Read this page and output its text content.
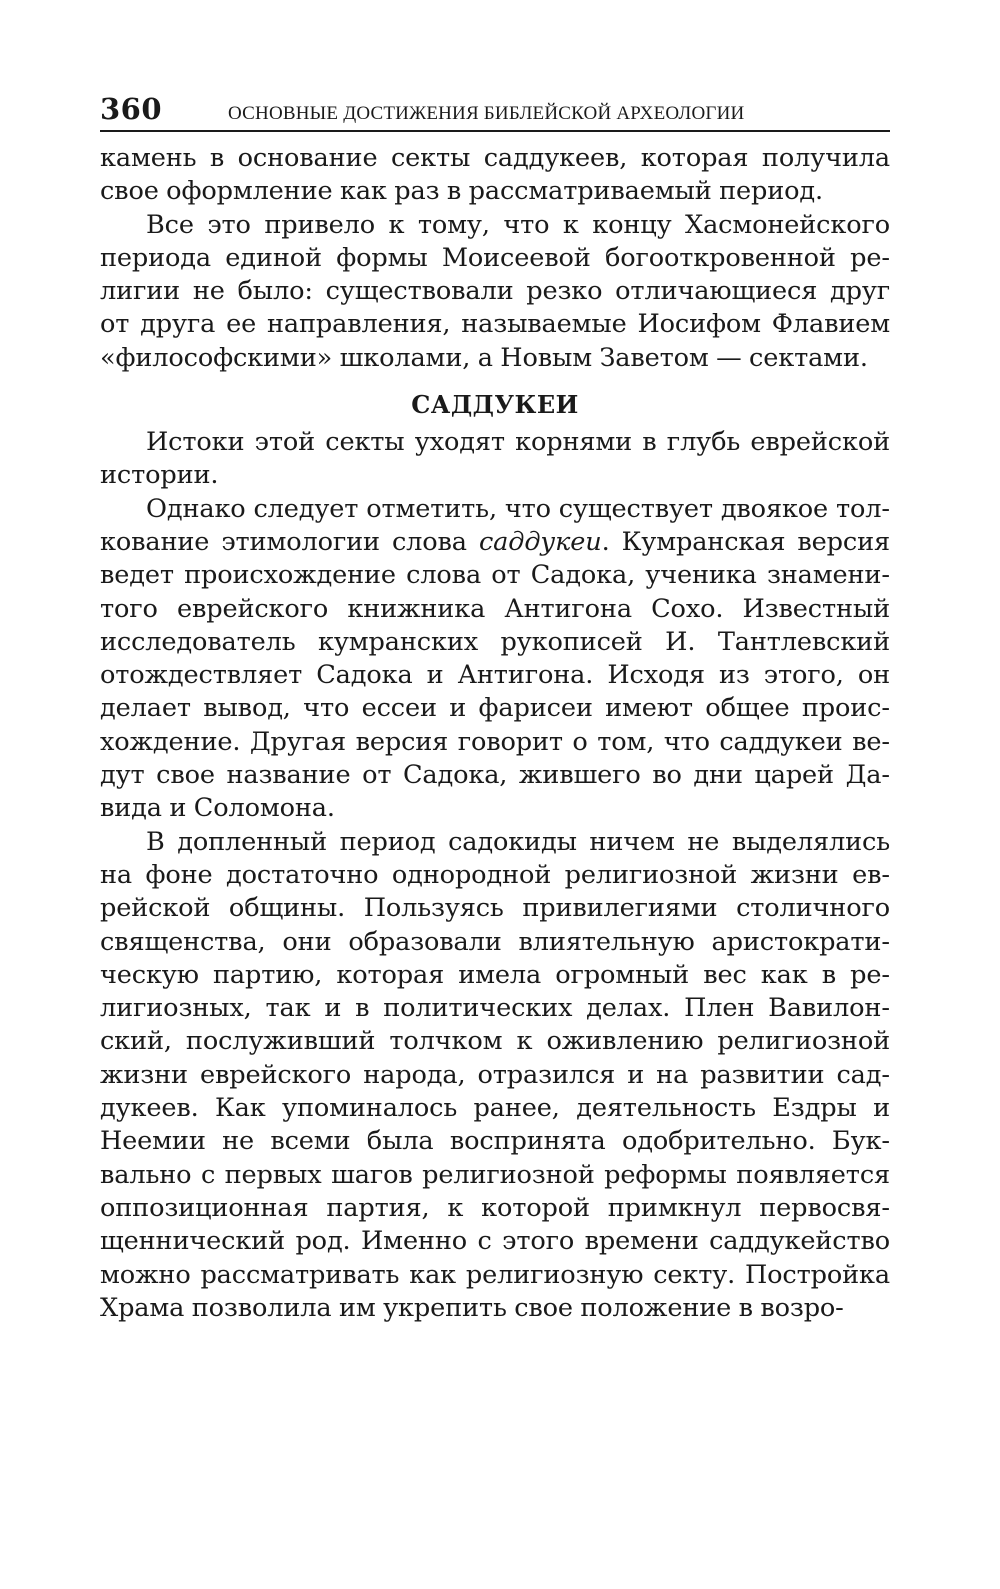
360	ОСНОВНЫЕ ДОСТИЖЕНИЯ БИБЛЕЙСКОЙ АРХЕОЛОГИИ

камень в основание секты саддукеев, которая получила свое оформление как раз в рассматриваемый период.

Все это привело к тому, что к концу Хасмонейского периода единой формы Моисеевой богооткровенной религии не было: существовали резко отличающиеся друг от друга ее направления, называемые Иосифом Флавием «философскими» школами, а Новым Заветом — сектами.

САДДУКЕИ

Истоки этой секты уходят корнями в глубь еврейской истории.

Однако следует отметить, что существует двоякое толкование этимологии слова саддукеи. Кумранская версия ведет происхождение слова от Садока, ученика знаменитого еврейского книжника Антигона Сохо. Известный исследователь кумранских рукописей И. Тантлевский отождествляет Садока и Антигона. Исходя из этого, он делает вывод, что ессеи и фарисеи имеют общее происхождение. Другая версия говорит о том, что саддукеи ведут свое название от Садока, жившего во дни царей Давида и Соломона.

В допленный период садокиды ничем не выделялись на фоне достаточно однородной религиозной жизни еврейской общины. Пользуясь привилегиями столичного священства, они образовали влиятельную аристократическую партию, которая имела огромный вес как в религиозных, так и в политических делах. Плен Вавилонский, послуживший толчком к оживлению религиозной жизни еврейского народа, отразился и на развитии саддукеев. Как упоминалось ранее, деятельность Ездры и Неемии не всеми была воспринята одобрительно. Буквально с первых шагов религиозной реформы появляется оппозиционная партия, к которой примкнул первосвященнический род. Именно с этого времени саддукейство можно рассматривать как религиозную секту. Постройка Храма позволила им укрепить свое положение в возро-
